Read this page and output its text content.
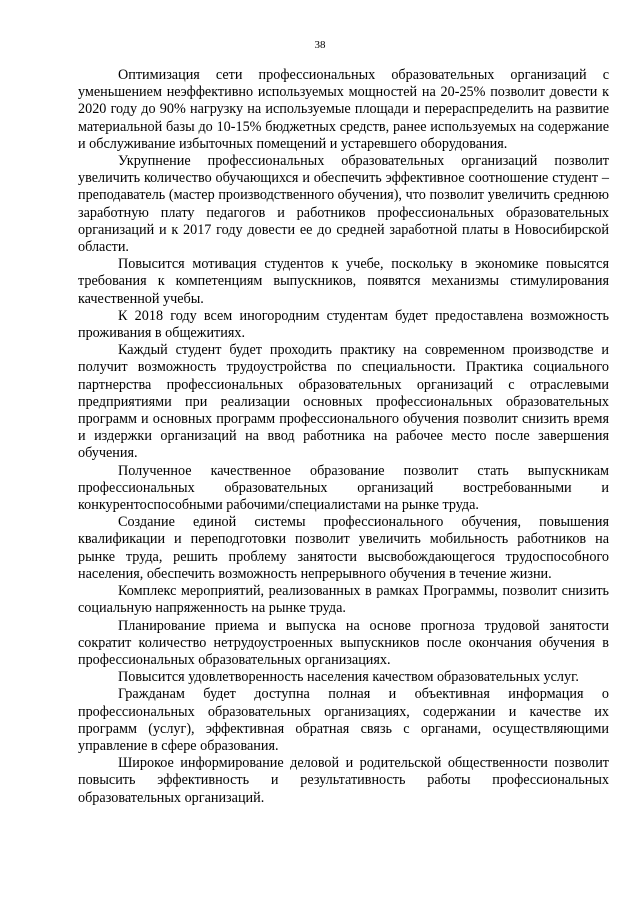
38

Оптимизация сети профессиональных образовательных организаций с уменьшением неэффективно используемых мощностей на 20-25% позволит довести к 2020 году до 90% нагрузку на используемые площади и перераспределить на развитие материальной базы до 10-15% бюджетных средств, ранее используемых на содержание и обслуживание избыточных помещений и устаревшего оборудования.

Укрупнение профессиональных образовательных организаций позволит увеличить количество обучающихся и обеспечить эффективное соотношение студент – преподаватель (мастер производственного обучения), что позволит увеличить среднюю заработную плату педагогов и работников профессиональных образовательных организаций и к 2017 году довести ее до средней заработной платы в Новосибирской области.

Повысится мотивация студентов к учебе, поскольку в экономике повысятся требования к компетенциям выпускников, появятся механизмы стимулирования качественной учебы.

К 2018 году всем иногородним студентам будет предоставлена возможность проживания в общежитиях.

Каждый студент будет проходить практику на современном производстве и получит возможность трудоустройства по специальности. Практика социального партнерства профессиональных образовательных организаций с отраслевыми предприятиями при реализации основных профессиональных образовательных программ и основных программ профессионального обучения позволит снизить время и издержки организаций на ввод работника на рабочее место после завершения обучения.

Полученное качественное образование позволит стать выпускникам профессиональных образовательных организаций востребованными и конкурентоспособными рабочими/специалистами на рынке труда.

Создание единой системы профессионального обучения, повышения квалификации и переподготовки позволит увеличить мобильность работников на рынке труда, решить проблему занятости высвобождающегося трудоспособного населения, обеспечить возможность непрерывного обучения в течение жизни.

Комплекс мероприятий, реализованных в рамках Программы, позволит снизить социальную напряженность на рынке труда.

Планирование приема и выпуска на основе прогноза трудовой занятости сократит количество нетрудоустроенных выпускников после окончания обучения в профессиональных образовательных организациях.

Повысится удовлетворенность населения качеством образовательных услуг.

Гражданам будет доступна полная и объективная информация о профессиональных образовательных организациях, содержании и качестве их программ (услуг), эффективная обратная связь с органами, осуществляющими управление в сфере образования.

Широкое информирование деловой и родительской общественности позволит повысить эффективность и результативность работы профессиональных образовательных организаций.
